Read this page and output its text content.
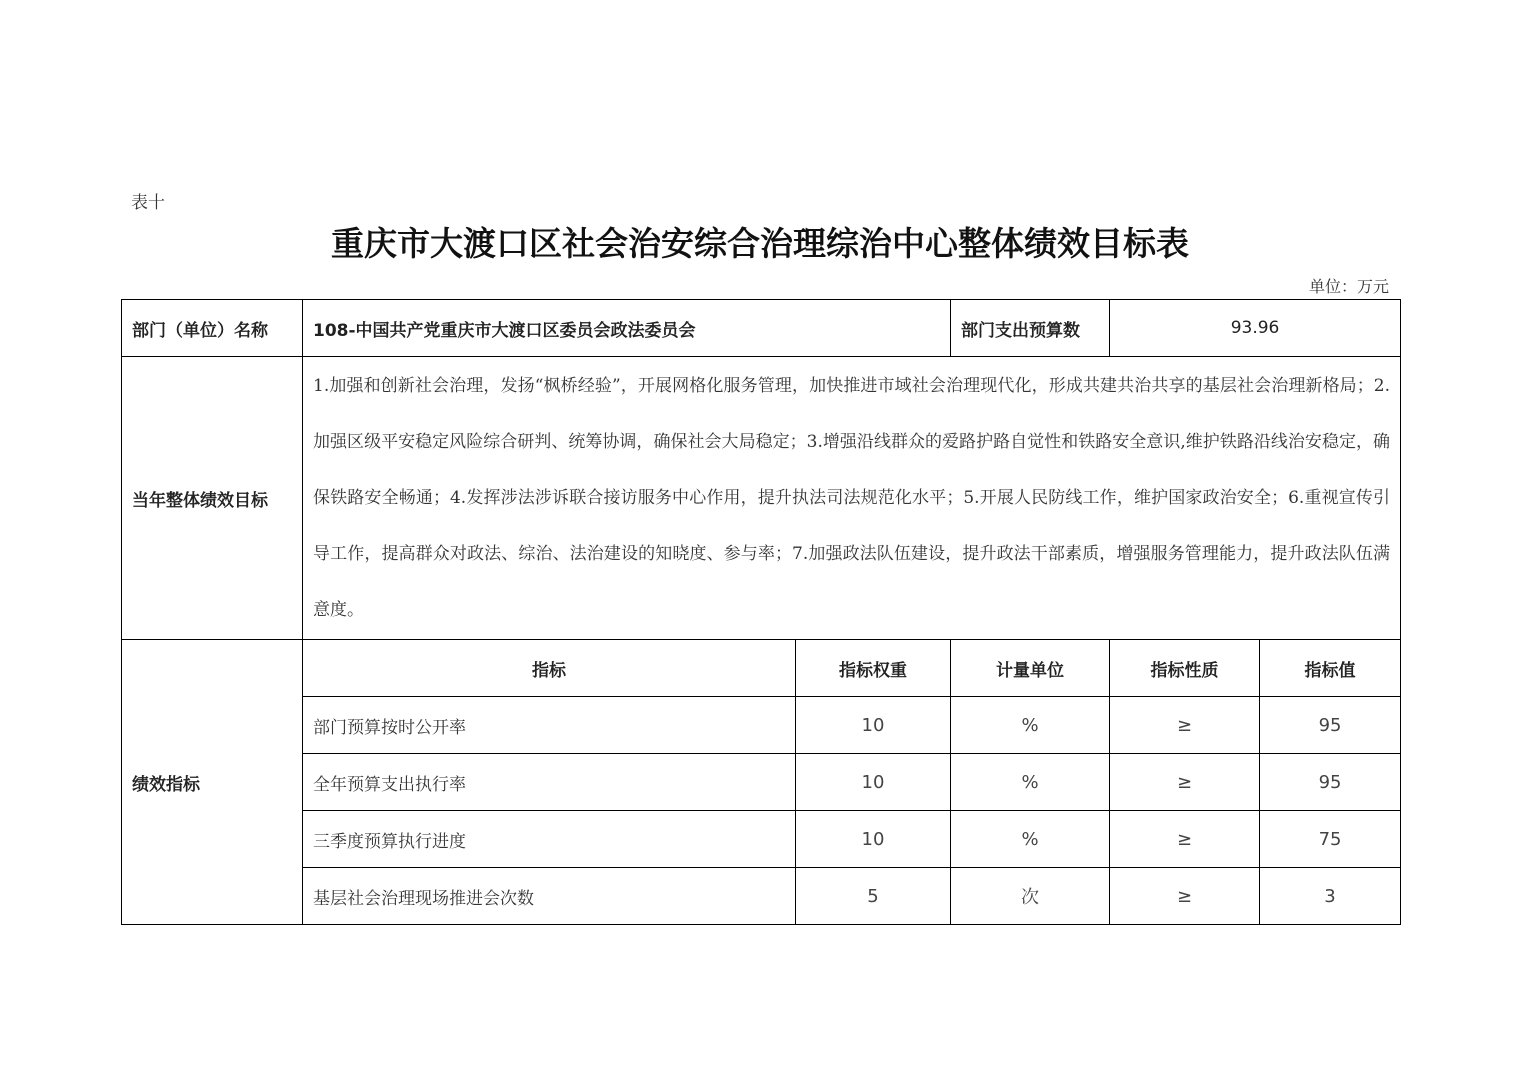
表十
重庆市大渡口区社会治安综合治理综治中心整体绩效目标表
单位：万元
部门（单位）名称	108-中国共产党重庆市大渡口区委员会政法委员会		部门支出预算数	93.96	
当年整体绩效目标	1.加强和创新社会治理，发扬“枫桥经验”，开展网格化服务管理，加快推进市域社会治理现代化，形成共建共治共享的基层社会治理新格局；2.加强区级平安稳定风险综合研判、统筹协调，确保社会大局稳定；3.增强沿线群众的爱路护路自觉性和铁路安全意识,维护铁路沿线治安稳定，确保铁路安全畅通；4.发挥涉法涉诉联合接访服务中心作用，提升执法司法规范化水平；5.开展人民防线工作，维护国家政治安全；6.重视宣传引导工作，提高群众对政法、综治、法治建设的知晓度、参与率；7.加强政法队伍建设，提升政法干部素质，增强服务管理能力，提升政法队伍满意度。				
绩效指标	指标	指标权重	计量单位	指标性质	指标值
	部门预算按时公开率	10	%	≥	95
	全年预算支出执行率	10	%	≥	95
	三季度预算执行进度	10	%	≥	75
	基层社会治理现场推进会次数	5	次	≥	3
